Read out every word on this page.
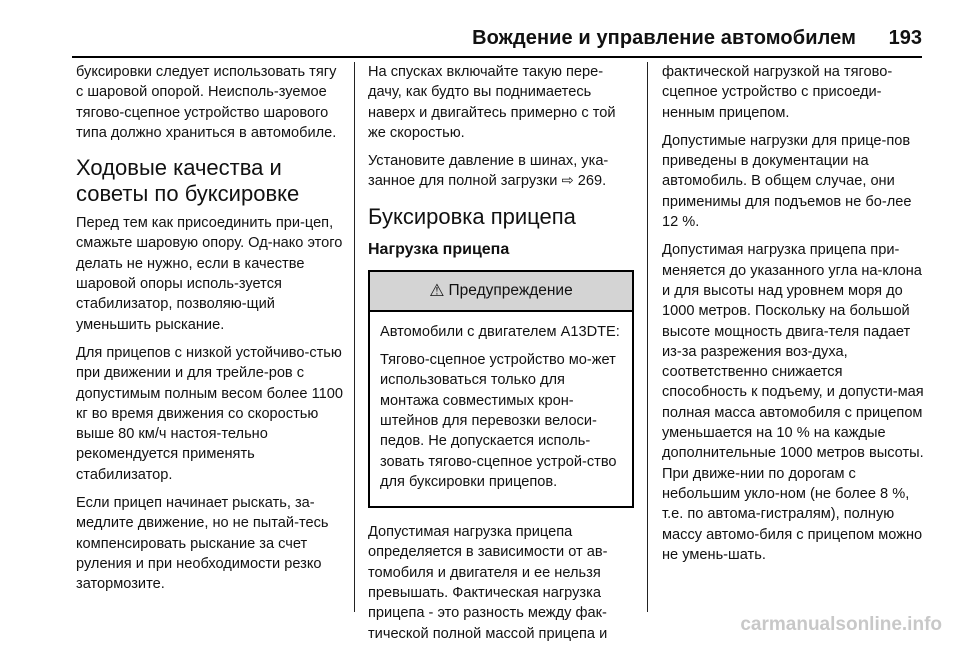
Вождение и управление автомобилем 193

буксировки следует использовать тягу с шаровой опорой. Неисполь-зуемое тягово-сцепное устройство шарового типа должно храниться в автомобиле.

Ходовые качества и советы по буксировке

Перед тем как присоединить при-цеп, смажьте шаровую опору. Од-нако этого делать не нужно, если в качестве шаровой опоры исполь-зуется стабилизатор, позволяю-щий уменьшить рыскание.

Для прицепов с низкой устойчиво-стью при движении и для трейле-ров с допустимым полным весом более 1100 кг во время движения со скоростью выше 80 км/ч настоя-тельно рекомендуется применять стабилизатор.

Если прицеп начинает рыскать, за-медлите движение, но не пытай-тесь компенсировать рыскание за счет руления и при необходимости резко затормозите.

На спусках включайте такую пере-дачу, как будто вы поднимаетесь наверх и двигайтесь примерно с той же скоростью.

Установите давление в шинах, ука-занное для полной загрузки ⇨ 269.

Буксировка прицепа
Нагрузка прицепа
⚠ Предупреждение

Автомобили с двигателем A13DTE:

Тягово-сцепное устройство мо-жет использоваться только для монтажа совместимых крон-штейнов для перевозки велоси-педов. Не допускается исполь-зовать тягово-сцепное устрой-ство для буксировки прицепов.

Допустимая нагрузка прицепа определяется в зависимости от ав-томобиля и двигателя и ее нельзя превышать. Фактическая нагрузка прицепа - это разность между фак-тической полной массой прицепа и

фактической нагрузкой на тягово-сцепное устройство с присоеди-ненным прицепом.

Допустимые нагрузки для прице-пов приведены в документации на автомобиль. В общем случае, они применимы для подъемов не бо-лее 12 %.

Допустимая нагрузка прицепа при-меняется до указанного угла на-клона и для высоты над уровнем моря до 1000 метров. Поскольку на большой высоте мощность двига-теля падает из-за разрежения воз-духа, соответственно снижается способность к подъему, и допусти-мая полная масса автомобиля с прицепом уменьшается на 10 % на каждые дополнительные 1000 метров высоты. При движе-нии по дорогам с небольшим укло-ном (не более 8 %, т.е. по автома-гистралям), полную массу автомо-биля с прицепом можно не умень-шать.

carmanualsonline.info
